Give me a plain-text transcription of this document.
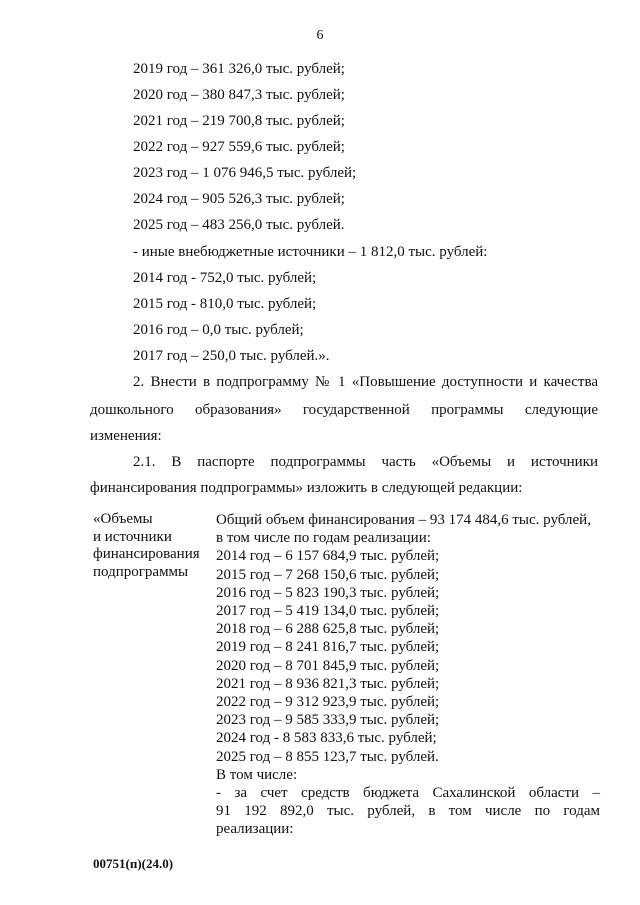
6
2019 год – 361 326,0 тыс. рублей;
2020 год – 380 847,3 тыс. рублей;
2021 год – 219 700,8 тыс. рублей;
2022 год – 927 559,6 тыс. рублей;
2023 год – 1 076 946,5 тыс. рублей;
2024 год – 905 526,3 тыс. рублей;
2025 год – 483 256,0 тыс. рублей.
- иные внебюджетные источники – 1 812,0 тыс. рублей:
2014 год - 752,0 тыс. рублей;
2015 год - 810,0 тыс. рублей;
2016 год – 0,0 тыс. рублей;
2017 год – 250,0 тыс. рублей.».
2. Внести в подпрограмму № 1 «Повышение доступности и качества
дошкольного образования» государственной программы следующие
изменения:
2.1. В паспорте подпрограммы часть «Объемы и источники
финансирования подпрограммы» изложить в следующей редакции:
«Объемы
и источники
финансирования
подпрограммы
Общий объем финансирования – 93 174 484,6 тыс. рублей,
в том числе по годам реализации:
2014 год – 6 157 684,9 тыс. рублей;
2015 год – 7 268 150,6 тыс. рублей;
2016 год – 5 823 190,3 тыс. рублей;
2017 год – 5 419 134,0 тыс. рублей;
2018 год – 6 288 625,8 тыс. рублей;
2019 год – 8 241 816,7 тыс. рублей;
2020 год – 8 701 845,9 тыс. рублей;
2021 год – 8 936 821,3 тыс. рублей;
2022 год – 9 312 923,9 тыс. рублей;
2023 год – 9 585 333,9 тыс. рублей;
2024 год - 8 583 833,6 тыс. рублей;
2025 год – 8 855 123,7 тыс. рублей.
В том числе:
- за счет средств бюджета Сахалинской области –
91 192 892,0 тыс. рублей, в том числе по годам
реализации:
00751(п)(24.0)
